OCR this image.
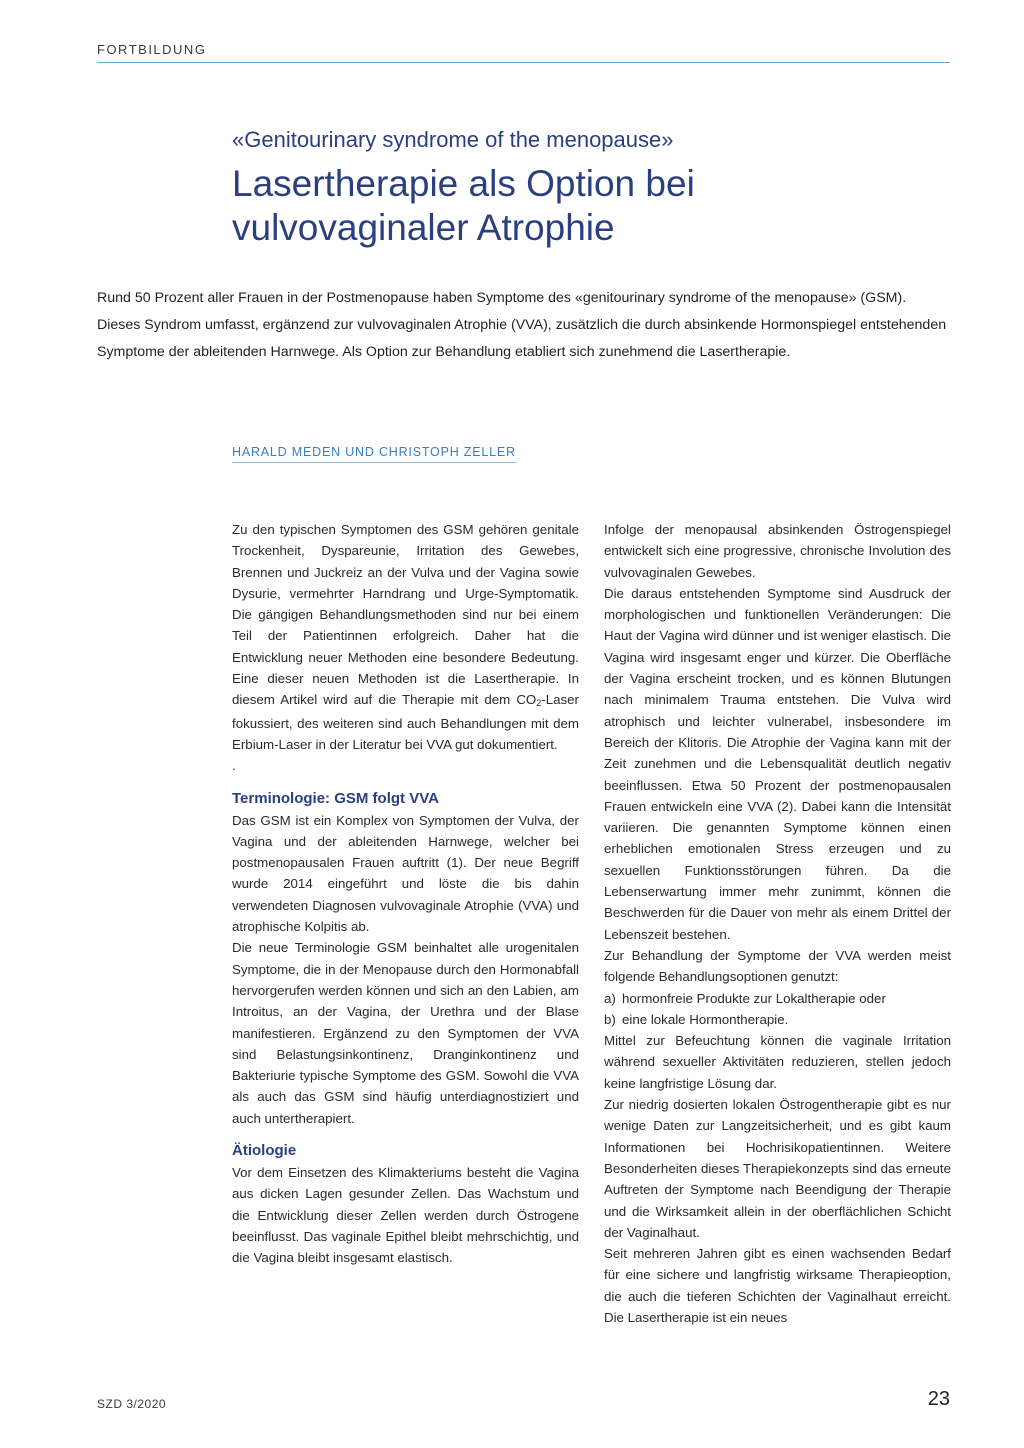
FORTBILDUNG
«Genitourinary syndrome of the menopause»
Lasertherapie als Option bei vulvovaginaler Atrophie

Rund 50 Prozent aller Frauen in der Postmenopause haben Symptome des «genitourinary syndrome of the menopause» (GSM). Dieses Syndrom umfasst, ergänzend zur vulvovaginalen Atrophie (VVA), zusätzlich die durch absinkende Hormonspiegel entstehenden Symptome der ableitenden Harnwege. Als Option zur Behandlung etabliert sich zunehmend die Lasertherapie.

HARALD MEDEN UND CHRISTOPH ZELLER

Zu den typischen Symptomen des GSM gehören genitale Trockenheit, Dyspareunie, Irritation des Gewebes, Brennen und Juckreiz an der Vulva und der Vagina sowie Dysurie, vermehrter Harndrang und Urge-Symptomatik. Die gängigen Behandlungsmethoden sind nur bei einem Teil der Patientinnen erfolgreich. Daher hat die Entwicklung neuer Methoden eine besondere Bedeutung. Eine dieser neuen Methoden ist die Lasertherapie. In diesem Artikel wird auf die Therapie mit dem $CO_2$-Laser fokussiert, des weiteren sind auch Behandlungen mit dem Erbium-Laser in der Literatur bei VVA gut dokumentiert.

.

Terminologie: GSM folgt VVA

Das GSM ist ein Komplex von Symptomen der Vulva, der Vagina und der ableitenden Harnwege, welcher bei postmenopausalen Frauen auftritt (1). Der neue Begriff wurde 2014 eingeführt und löste die bis dahin verwendeten Diagnosen vulvovaginale Atrophie (VVA) und atrophische Kolpitis ab.

Die neue Terminologie GSM beinhaltet alle urogenitalen Symptome, die in der Menopause durch den Hormonabfall hervorgerufen werden können und sich an den Labien, am Introitus, an der Vagina, der Urethra und der Blase manifestieren. Ergänzend zu den Symptomen der VVA sind Belastungsinkontinenz, Dranginkontinenz und Bakteriurie typische Symptome des GSM. Sowohl die VVA als auch das GSM sind häufig unterdiagnostiziert und auch untertherapiert.

Ätiologie

Vor dem Einsetzen des Klimakteriums besteht die Vagina aus dicken Lagen gesunder Zellen. Das Wachstum und die Entwicklung dieser Zellen werden durch Östrogene beeinflusst. Das vaginale Epithel bleibt mehrschichtig, und die Vagina bleibt insgesamt elastisch.

Infolge der menopausal absinkenden Östrogenspiegel entwickelt sich eine progressive, chronische Involution des vulvovaginalen Gewebes.

Die daraus entstehenden Symptome sind Ausdruck der morphologischen und funktionellen Veränderungen: Die Haut der Vagina wird dünner und ist weniger elastisch. Die Vagina wird insgesamt enger und kürzer. Die Oberfläche der Vagina erscheint trocken, und es können Blutungen nach minimalem Trauma entstehen. Die Vulva wird atrophisch und leichter vulnerabel, insbesondere im Bereich der Klitoris. Die Atrophie der Vagina kann mit der Zeit zunehmen und die Lebensqualität deutlich negativ beeinflussen. Etwa 50 Prozent der postmenopausalen Frauen entwickeln eine VVA (2). Dabei kann die Intensität variieren. Die genannten Symptome können einen erheblichen emotionalen Stress erzeugen und zu sexuellen Funktionsstörungen führen. Da die Lebenserwartung immer mehr zunimmt, können die Beschwerden für die Dauer von mehr als einem Drittel der Lebenszeit bestehen.

Zur Behandlung der Symptome der VVA werden meist folgende Behandlungsoptionen genutzt:

a) hormonfreie Produkte zur Lokaltherapie oder

b) eine lokale Hormontherapie.

Mittel zur Befeuchtung können die vaginale Irritation während sexueller Aktivitäten reduzieren, stellen jedoch keine langfristige Lösung dar.

Zur niedrig dosierten lokalen Östrogentherapie gibt es nur wenige Daten zur Langzeitsicherheit, und es gibt kaum Informationen bei Hochrisikopatientinnen. Weitere Besonderheiten dieses Therapiekonzepts sind das erneute Auftreten der Symptome nach Beendigung der Therapie und die Wirksamkeit allein in der oberflächlichen Schicht der Vaginalhaut.

Seit mehreren Jahren gibt es einen wachsenden Bedarf für eine sichere und langfristig wirksame Therapieoption, die auch die tieferen Schichten der Vaginalhaut erreicht. Die Lasertherapie ist ein neues

SZD 3/2020	23
